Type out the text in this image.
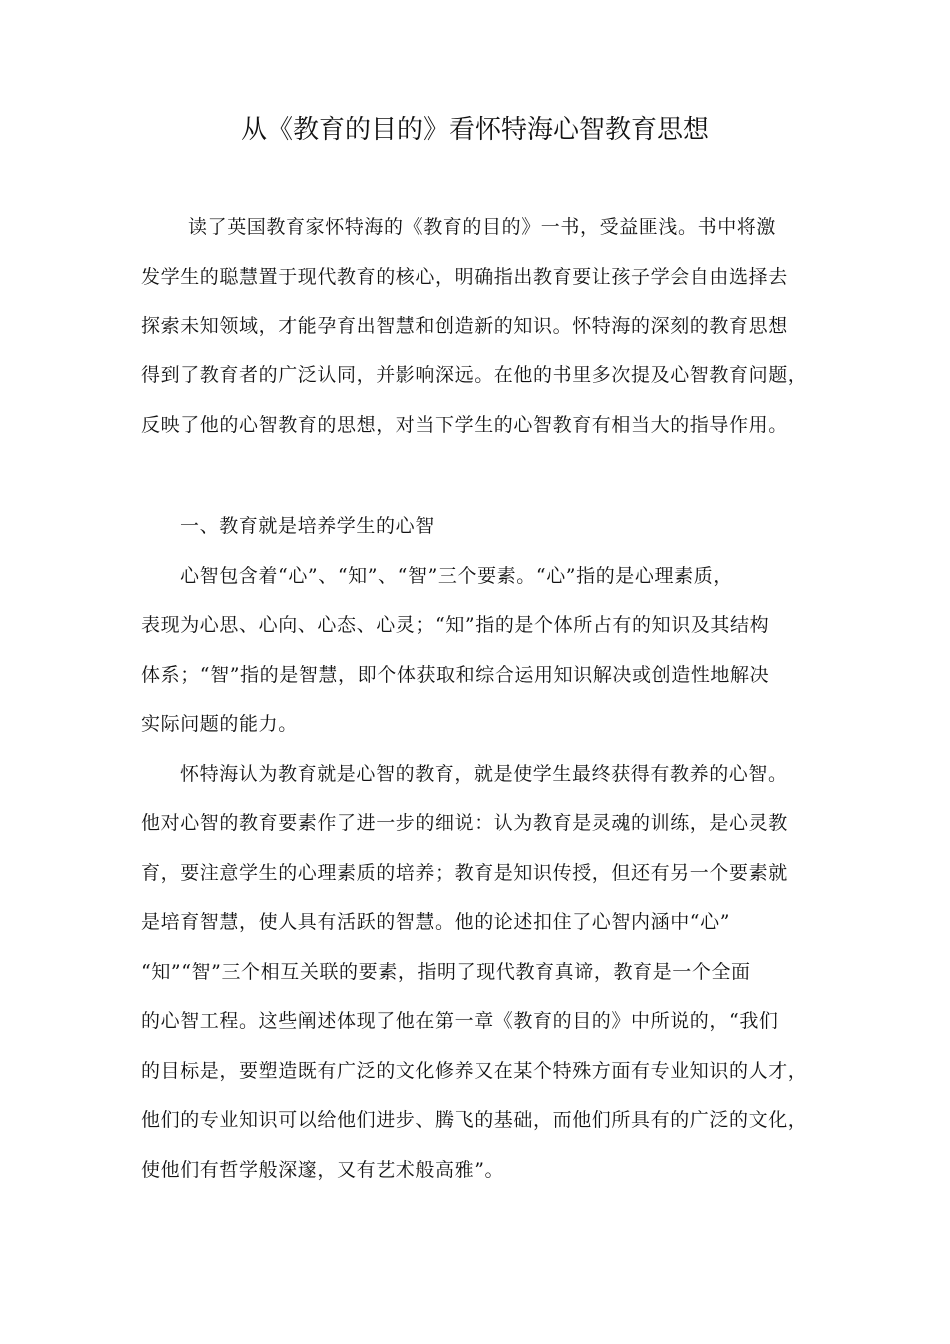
从《教育的目的》看怀特海心智教育思想

读了英国教育家怀特海的《教育的目的》一书，受益匪浅。书中将激

发学生的聪慧置于现代教育的核心，明确指出教育要让孩子学会自由选择去

探索未知领域，才能孕育出智慧和创造新的知识。怀特海的深刻的教育思想

得到了教育者的广泛认同，并影响深远。在他的书里多次提及心智教育问题，

反映了他的心智教育的思想，对当下学生的心智教育有相当大的指导作用。

一、教育就是培养学生的心智

心智包含着“心”、“知”、“智”三个要素。“心”指的是心理素质，

表现为心思、心向、心态、心灵；“知”指的是个体所占有的知识及其结构

体系；“智”指的是智慧，即个体获取和综合运用知识解决或创造性地解决

实际问题的能力。

怀特海认为教育就是心智的教育，就是使学生最终获得有教养的心智。

他对心智的教育要素作了进一步的细说：认为教育是灵魂的训练，是心灵教

育，要注意学生的心理素质的培养；教育是知识传授，但还有另一个要素就

是培育智慧，使人具有活跃的智慧。他的论述扣住了心智内涵中“心”

“知”“智”三个相互关联的要素，指明了现代教育真谛，教育是一个全面

的心智工程。这些阐述体现了他在第一章《教育的目的》中所说的，“我们

的目标是，要塑造既有广泛的文化修养又在某个特殊方面有专业知识的人才，

他们的专业知识可以给他们进步、腾飞的基础，而他们所具有的广泛的文化，

使他们有哲学般深邃，又有艺术般高雅”。
